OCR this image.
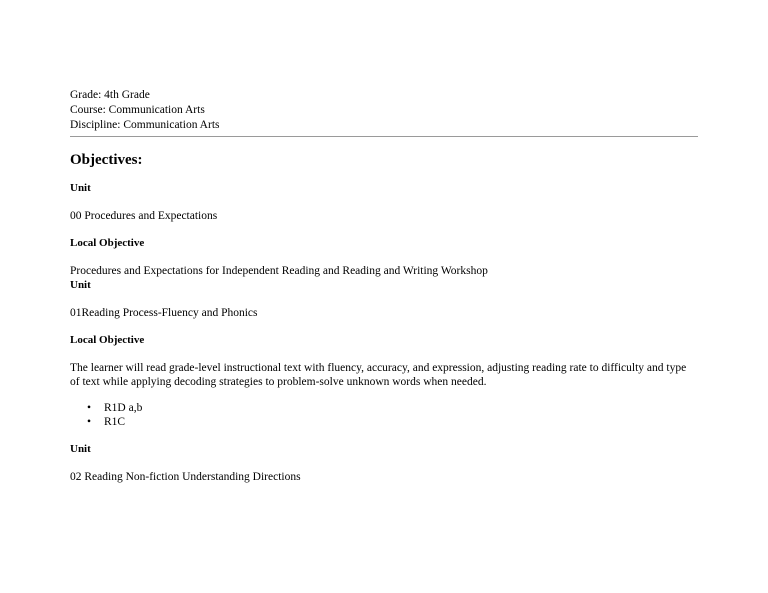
Grade: 4th Grade

Course: Communication Arts

Discipline: Communication Arts

Objectives:

Unit

00 Procedures and Expectations

Local Objective

Procedures and Expectations for Independent Reading and Reading and Writing Workshop

Unit

01Reading Process-Fluency and Phonics

Local Objective

The learner will read grade-level instructional text with fluency, accuracy, and expression, adjusting reading rate to difficulty and type of text while applying decoding strategies to problem-solve unknown words when needed.

• R1D a,b
• R1C

Unit

02 Reading Non-fiction Understanding Directions
